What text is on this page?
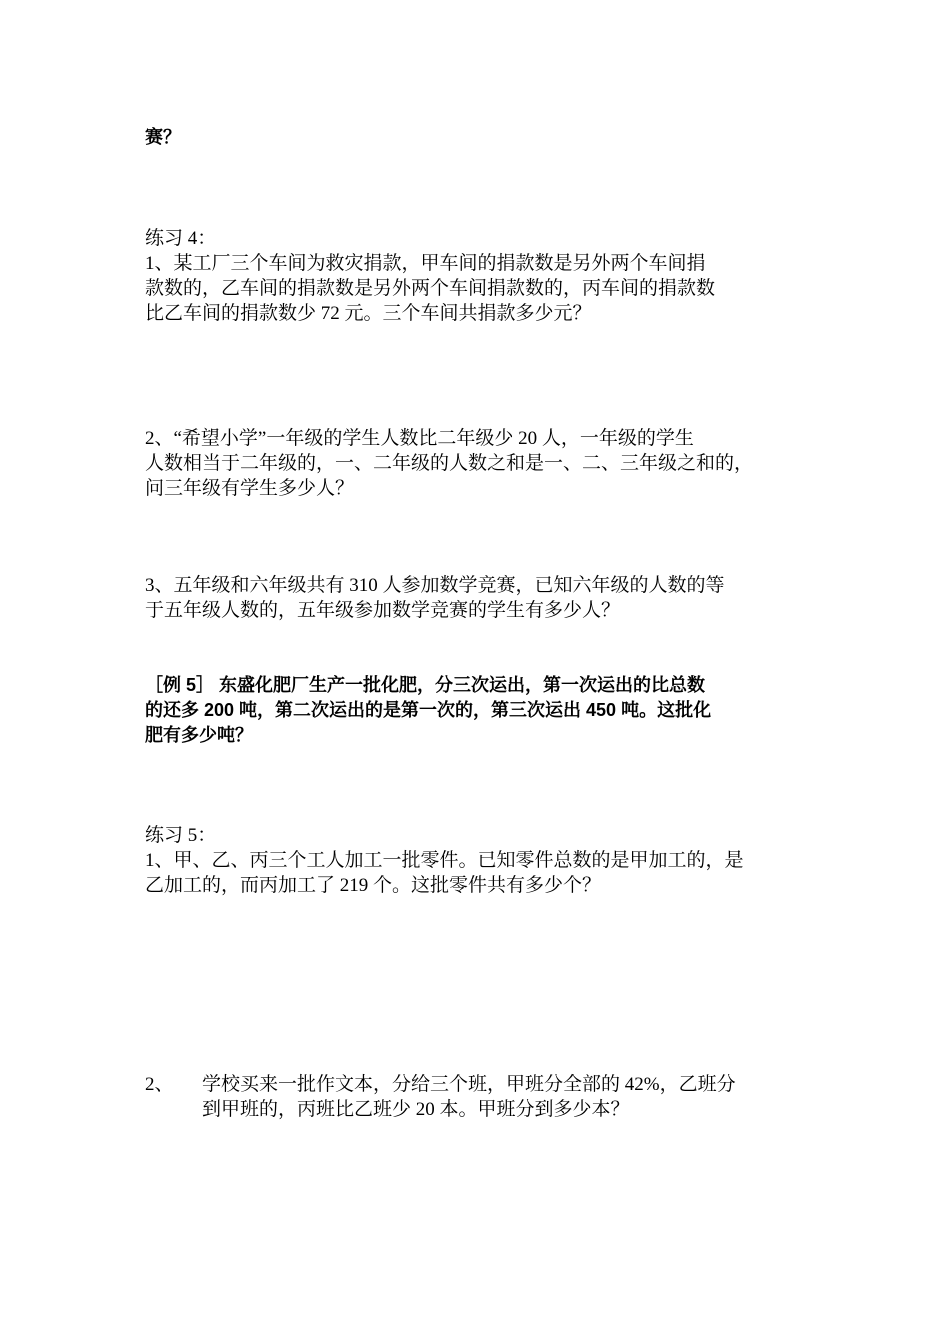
赛？
练习 4：
1、某工厂三个车间为救灾捐款，甲车间的捐款数是另外两个车间捐
款数的，乙车间的捐款数是另外两个车间捐款数的，丙车间的捐款数
比乙车间的捐款数少 72 元。三个车间共捐款多少元？
2、“希望小学”一年级的学生人数比二年级少 20 人，一年级的学生
人数相当于二年级的，一、二年级的人数之和是一、二、三年级之和的，
问三年级有学生多少人？
3、五年级和六年级共有 310 人参加数学竞赛，已知六年级的人数的等
于五年级人数的，五年级参加数学竞赛的学生有多少人？
［例 5］ 东盛化肥厂生产一批化肥，分三次运出，第一次运出的比总数
的还多 200 吨，第二次运出的是第一次的，第三次运出 450 吨。这批化
肥有多少吨？
练习 5：
1、甲、乙、丙三个工人加工一批零件。已知零件总数的是甲加工的，是
乙加工的，而丙加工了 219 个。这批零件共有多少个？
2、 学校买来一批作文本，分给三个班，甲班分全部的 42%，乙班分
到甲班的，丙班比乙班少 20 本。甲班分到多少本？
